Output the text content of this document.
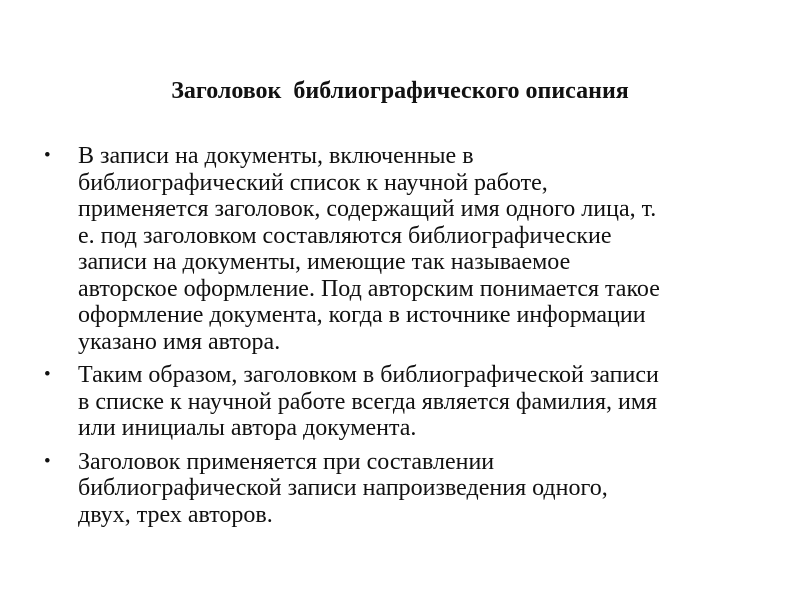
Заголовок  библиографического описания
•	В записи на документы, включенные в
библиографический список к научной работе,
применяется заголовок, содержащий имя одного лица, т.
е. под заголовком составляются библиографические
записи на документы, имеющие так называемое
авторское оформление. Под авторским понимается такое
оформление документа, когда в источнике информации
указано имя автора.
•	Таким образом, заголовком в библиографической записи
в списке к научной работе всегда является фамилия, имя
или инициалы автора документа.
•	Заголовок применяется при составлении
библиографической записи напроизведения одного,
двух, трех авторов.
